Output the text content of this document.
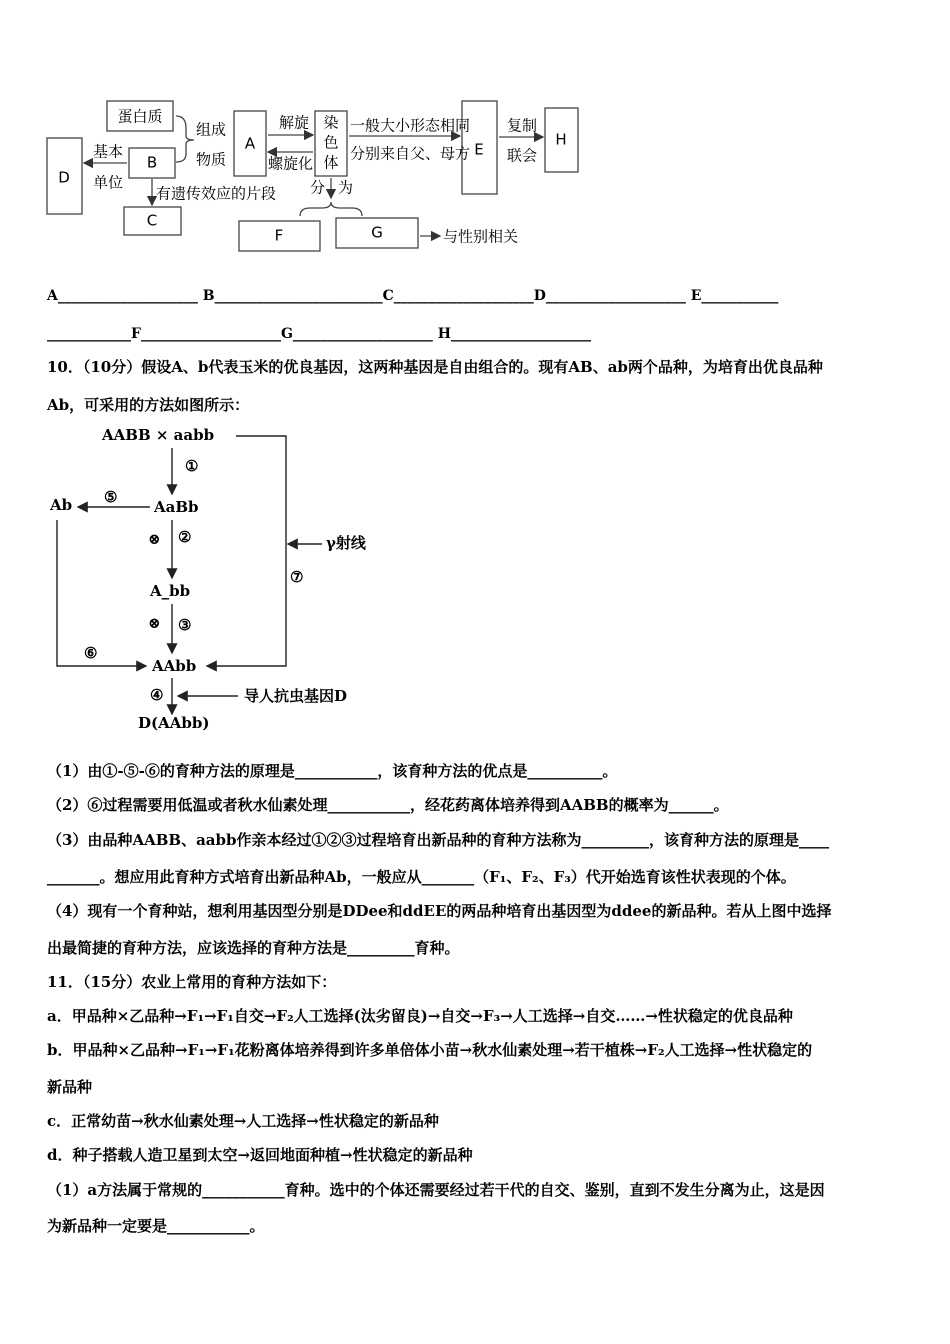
蛋白质
A
B
D
C
E
H
F	G
组成
物质
解旋
螺旋化
染
色
体
基本
单位
有遗传效应的片段
一般大小形态相同
分别来自父、母方
复制
联会
分 为
与性别相关
A____________________ B________________________C____________________D____________________ E___________
____________F____________________G____________________ H____________________
10．（10分）假设A、b代表玉米的优良基因，这两种基因是自由组合的。现有AB、ab两个品种，为培育出优良品种
Ab，可采用的方法如图所示：
AABB × aabb
①
Ab ⑤
AaBb
⊗ ②	γ射线
⑦
A_bb
⊗ ③
⑥
AAbb
④	导人抗虫基因D
D(AAbb)
（1）由①-⑤-⑥的育种方法的原理是___________，该育种方法的优点是__________。
（2）⑥过程需要用低温或者秋水仙素处理___________，经花药离体培养得到AABB的概率为______。
（3）由品种AABB、aabb作亲本经过①②③过程培育出新品种的育种方法称为_________，该育种方法的原理是____
_______。想应用此育种方式培育出新品种Ab，一般应从_______（F₁、F₂、F₃）代开始选育该性状表现的个体。
（4）现有一个育种站，想利用基因型分别是DDee和ddEE的两品种培育出基因型为ddee的新品种。若从上图中选择
出最简捷的育种方法，应该选择的育种方法是_________育种。
11．（15分）农业上常用的育种方法如下：
a．甲品种×乙品种→F₁→F₁自交→F₂人工选择(汰劣留良)→自交→F₃→人工选择→自交……→性状稳定的优良品种
b．甲品种×乙品种→F₁→F₁花粉离体培养得到许多单倍体小苗→秋水仙素处理→若干植株→F₂人工选择→性状稳定的
新品种
c．正常幼苗→秋水仙素处理→人工选择→性状稳定的新品种
d．种子搭载人造卫星到太空→返回地面种植→性状稳定的新品种
（1）a方法属于常规的___________育种。选中的个体还需要经过若干代的自交、鉴别，直到不发生分离为止，这是因
为新品种一定要是___________。
